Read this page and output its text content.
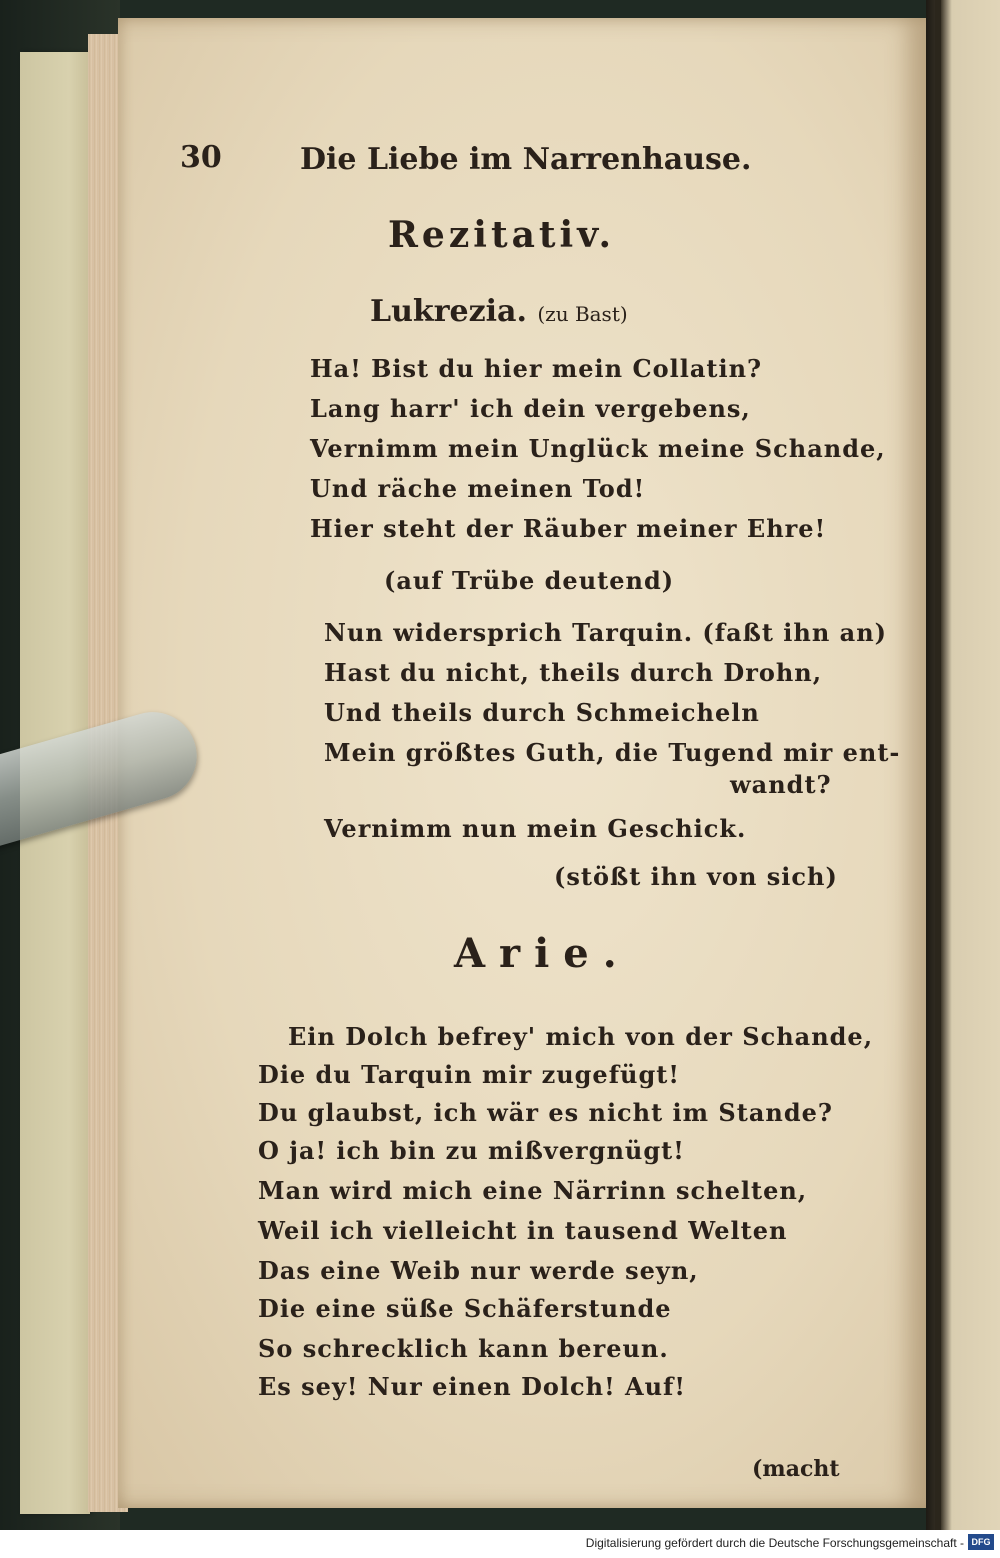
30	Die Liebe im Narrenhause.
Rezitativ.
Lukrezia. (zu Bast)
Ha! Bist du hier mein Collatin?
Lang harr' ich dein vergebens,
Vernimm mein Unglück meine Schande,
Und räche meinen Tod!
Hier steht der Räuber meiner Ehre!
(auf Trübe deutend)
Nun widersprich Tarquin. (faßt ihn an)
Hast du nicht, theils durch Drohn,
Und theils durch Schmeicheln
Mein größtes Guth, die Tugend mir ent-
wandt?
Vernimm nun mein Geschick.
(stößt ihn von sich)
Arie.
Ein Dolch befrey' mich von der Schande,
Die du Tarquin mir zugefügt!
Du glaubst, ich wär es nicht im Stande?
O ja! ich bin zu mißvergnügt!
Man wird mich eine Närrinn schelten,
Weil ich vielleicht in tausend Welten
Das eine Weib nur werde seyn,
Die eine süße Schäferstunde
So schrecklich kann bereun.
Es sey! Nur einen Dolch! Auf!
(macht
Digitalisierung gefördert durch die Deutsche Forschungsgemeinschaft - DFG
